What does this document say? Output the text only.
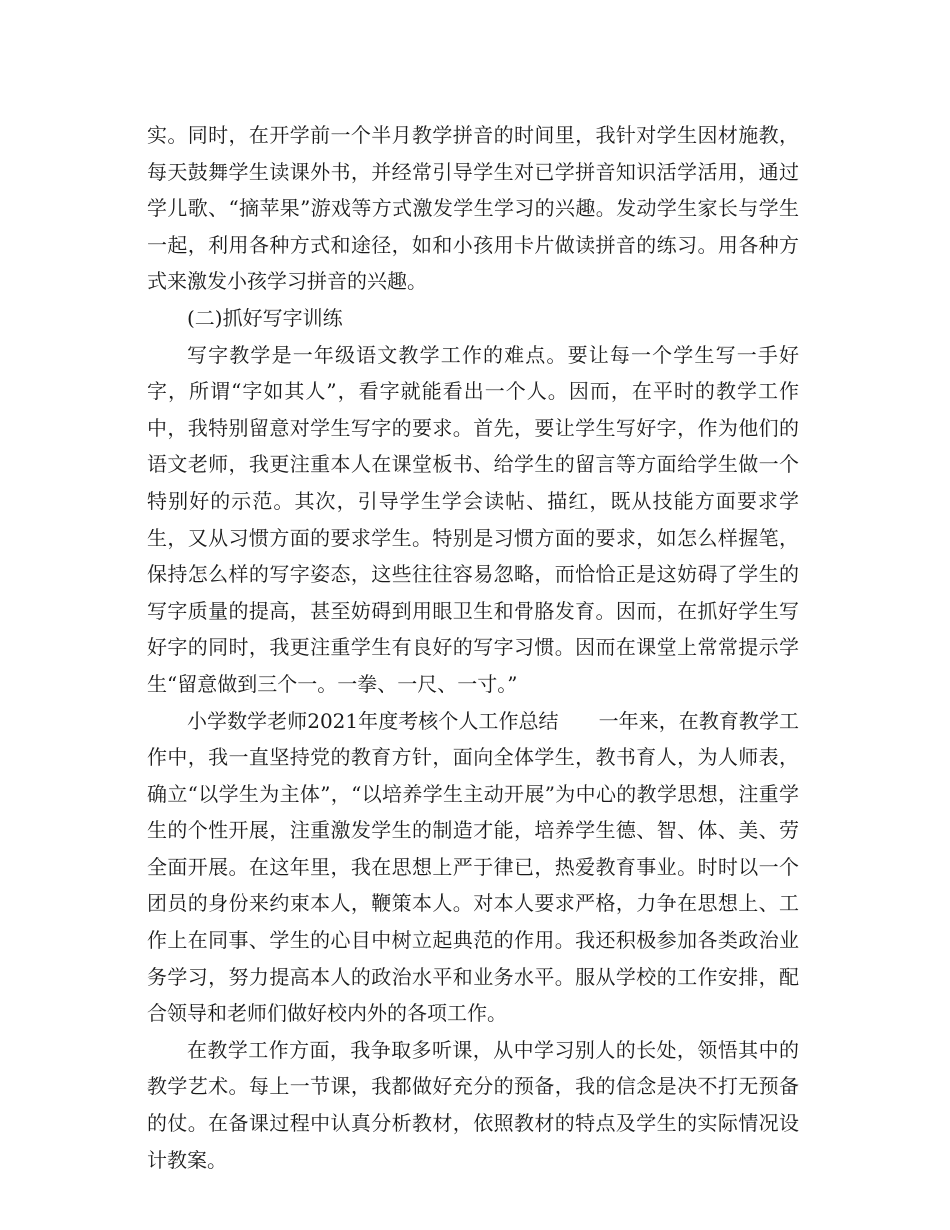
实。同时，在开学前一个半月教学拼音的时间里，我针对学生因材施教，每天鼓舞学生读课外书，并经常引导学生对已学拼音知识活学活用，通过学儿歌、“摘苹果”游戏等方式激发学生学习的兴趣。发动学生家长与学生一起，利用各种方式和途径，如和小孩用卡片做读拼音的练习。用各种方式来激发小孩学习拼音的兴趣。

(二)抓好写字训练

写字教学是一年级语文教学工作的难点。要让每一个学生写一手好字，所谓“字如其人”，看字就能看出一个人。因而，在平时的教学工作中，我特别留意对学生写字的要求。首先，要让学生写好字，作为他们的语文老师，我更注重本人在课堂板书、给学生的留言等方面给学生做一个特别好的示范。其次，引导学生学会读帖、描红，既从技能方面要求学生，又从习惯方面的要求学生。特别是习惯方面的要求，如怎么样握笔，保持怎么样的写字姿态，这些往往容易忽略，而恰恰正是这妨碍了学生的写字质量的提高，甚至妨碍到用眼卫生和骨胳发育。因而，在抓好学生写好字的同时，我更注重学生有良好的写字习惯。因而在课堂上常常提示学生“留意做到三个一。一拳、一尺、一寸。”

小学数学老师2021年度考核个人工作总结　　一年来，在教育教学工作中，我一直坚持党的教育方针，面向全体学生，教书育人，为人师表，确立“以学生为主体”，“以培养学生主动开展”为中心的教学思想，注重学生的个性开展，注重激发学生的制造才能，培养学生德、智、体、美、劳全面开展。在这年里，我在思想上严于律已，热爱教育事业。时时以一个团员的身份来约束本人，鞭策本人。对本人要求严格，力争在思想上、工作上在同事、学生的心目中树立起典范的作用。我还积极参加各类政治业务学习，努力提高本人的政治水平和业务水平。服从学校的工作安排，配合领导和老师们做好校内外的各项工作。

在教学工作方面，我争取多听课，从中学习别人的长处，领悟其中的教学艺术。每上一节课，我都做好充分的预备，我的信念是决不打无预备的仗。在备课过程中认真分析教材，依照教材的特点及学生的实际情况设计教案。
